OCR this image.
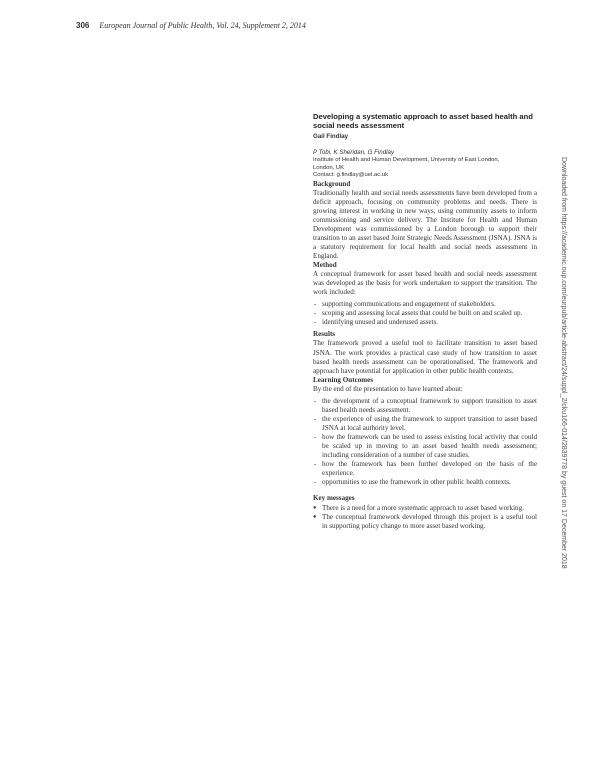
306 European Journal of Public Health, Vol. 24, Supplement 2, 2014

Developing a systematic approach to asset based health and social needs assessment

Gail Findlay

P Tobi, K Sheridan, G Findlay
Institute of Health and Human Development, University of East London,
London, UK
Contact: g.findlay@uel.ac.uk

Background

Traditionally health and social needs assessments have been developed from a deficit approach, focusing on community problems and needs. There is growing interest in working in new ways, using community assets to inform commissioning and service delivery. The Institute for Health and Human Development was commissioned by a London borough to support their transition to an asset based Joint Strategic Needs Assessment (JSNA). JSNA is a statutory requirement for local health and social needs assessment in England.

Method

A conceptual framework for asset based health and social needs assessment was developed as the basis for work undertaken to support the transition. The work included:

- supporting communications and engagement of stakeholders.
- scoping and assessing local assets that could be built on and scaled up.
- identifying unused and underused assets.

Results

The framework proved a useful tool to facilitate transition to asset based JSNA. The work provides a practical case study of how transition to asset based health needs assessment can be operationalised. The framework and approach have potential for application in other public health contexts.

Learning Outcomes

By the end of the presentation to have learned about:

- the development of a conceptual framework to support transition to asset based health needs assessment.
- the experience of using the framework to support transition to asset based JSNA at local authority level.
- how the framework can be used to assess existing local activity that could be scaled up in moving to an asset based health needs assessment; including consideration of a number of case studies.
- how the framework has been further developed on the basis of the experience.
- opportunities to use the framework in other public health contexts.

Key messages

● There is a need for a more systematic approach to asset based working.
● The conceptual framework developed through this project is a useful tool in supporting policy change to more asset based working.	Downloaded from https://academic.oup.com/eurpub/article-abstract/24/suppl_2/cku166-014/2839778 by guest on 17 December 2018
